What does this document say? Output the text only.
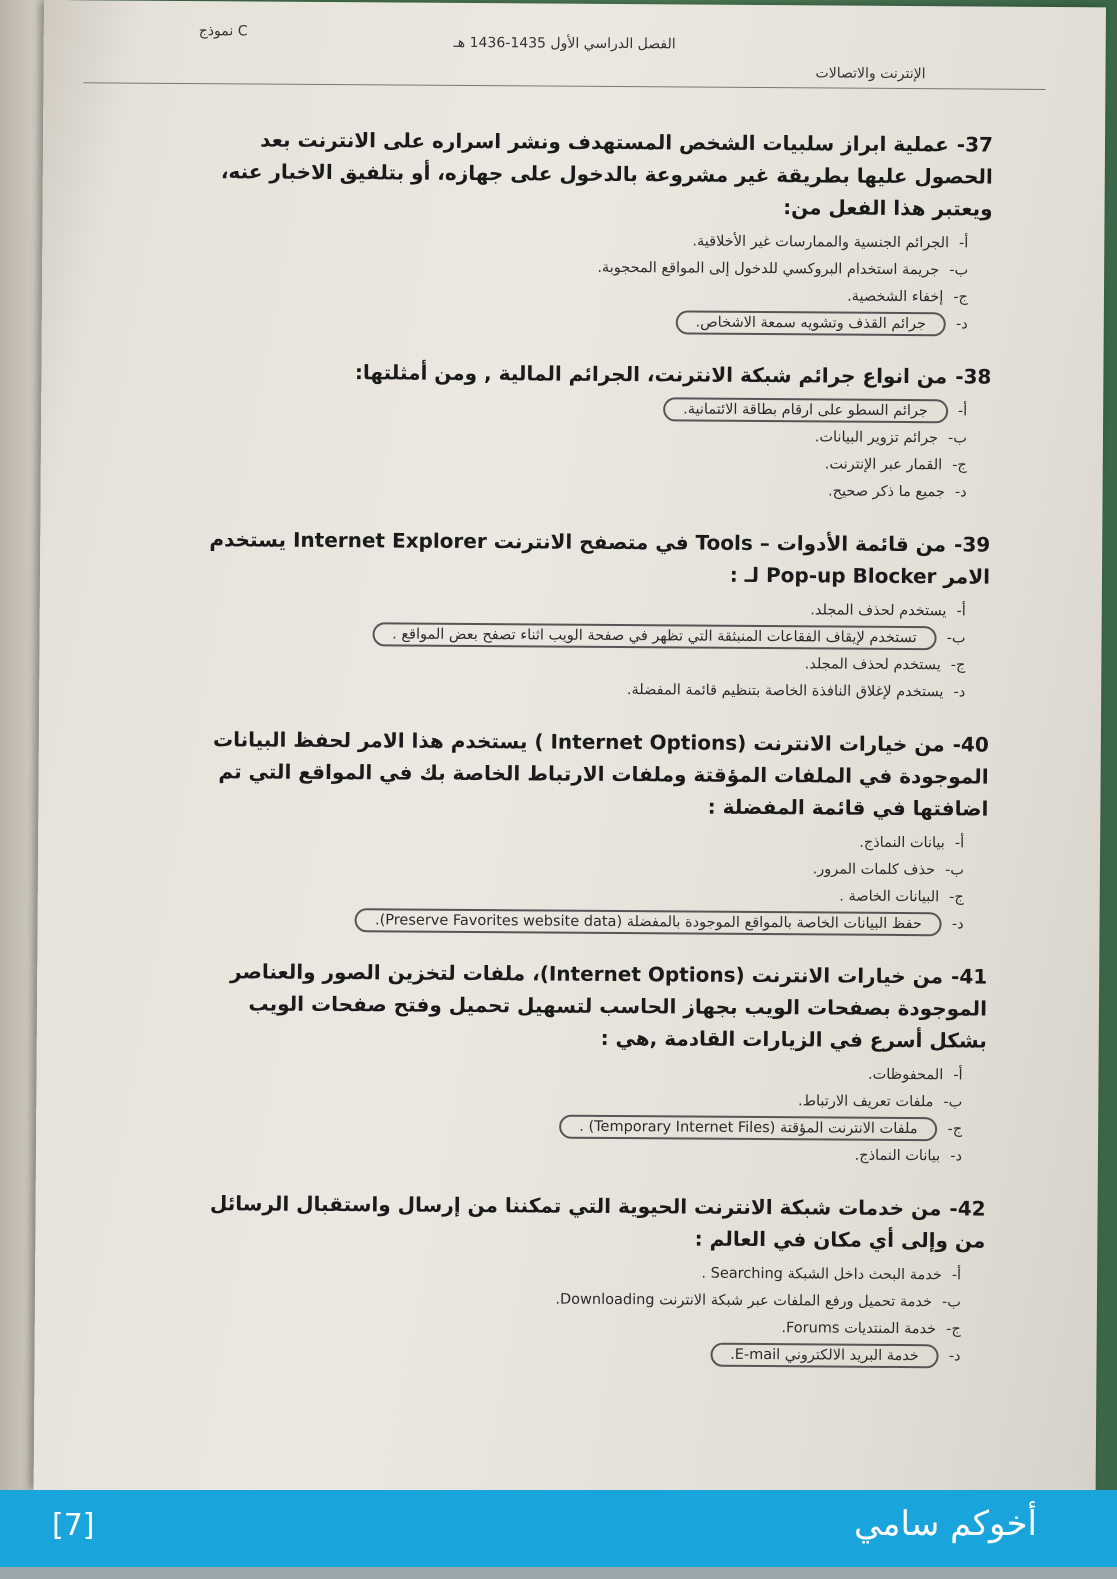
نموذج C
الفصل الدراسي الأول 1435-1436 هـ
الإنترنت والاتصالات
37-عملية ابراز سلبيات الشخص المستهدف ونشر اسراره على الانترنت بعد الحصول عليها بطريقة غير مشروعة بالدخول على جهازه، أو بتلفيق الاخبار عنه، ويعتبر هذا الفعل من:
أ-الجرائم الجنسية والممارسات غير الأخلاقية.
ب-جريمة استخدام البروكسي للدخول إلى المواقع المحجوبة.
ج-إخفاء الشخصية.
د-جرائم القذف وتشويه سمعة الاشخاص.
38-من انواع جرائم شبكة الانترنت، الجرائم المالية , ومن أمثلتها:
أ-جرائم السطو على ارقام بطاقة الائتمانية.
ب-جرائم تزوير البيانات.
ج-القمار عبر الإنترنت.
د-جميع ما ذكر صحيح.
39-من قائمة الأدوات – Tools في متصفح الانترنت Internet Explorer يستخدم الامر Pop-up Blocker لـ :
أ-يستخدم لحذف المجلد.
ب-تستخدم لإيقاف الفقاعات المنبثقة التي تظهر في صفحة الويب اثناء تصفح بعض المواقع .
ج-يستخدم لحذف المجلد.
د-يستخدم لإغلاق النافذة الخاصة بتنظيم قائمة المفضلة.
40-من خيارات الانترنت (Internet Options ) يستخدم هذا الامر لحفظ البيانات الموجودة في الملفات المؤقتة وملفات الارتباط الخاصة بك في المواقع التي تم اضافتها في قائمة المفضلة :
أ-بيانات النماذج.
ب-حذف كلمات المرور.
ج-البيانات الخاصة .
د-حفظ البيانات الخاصة بالمواقع الموجودة بالمفضلة (Preserve Favorites website data).
41-من خيارات الانترنت (Internet Options)، ملفات لتخزين الصور والعناصر الموجودة بصفحات الويب بجهاز الحاسب لتسهيل تحميل وفتح صفحات الويب بشكل أسرع في الزيارات القادمة ,هي :
أ-المحفوظات.
ب-ملفات تعريف الارتباط.
ج-ملفات الانترنت المؤقتة (Temporary Internet Files) .
د-بيانات النماذج.
42-من خدمات شبكة الانترنت الحيوية التي تمكننا من إرسال واستقبال الرسائل من وإلى أي مكان في العالم :
أ-خدمة البحث داخل الشبكة Searching .
ب-خدمة تحميل ورفع الملفات عبر شبكة الانترنت Downloading.
ج-خدمة المنتديات Forums.
د-خدمة البريد الالكتروني E-mail.
[7]	أخوكم سامي
